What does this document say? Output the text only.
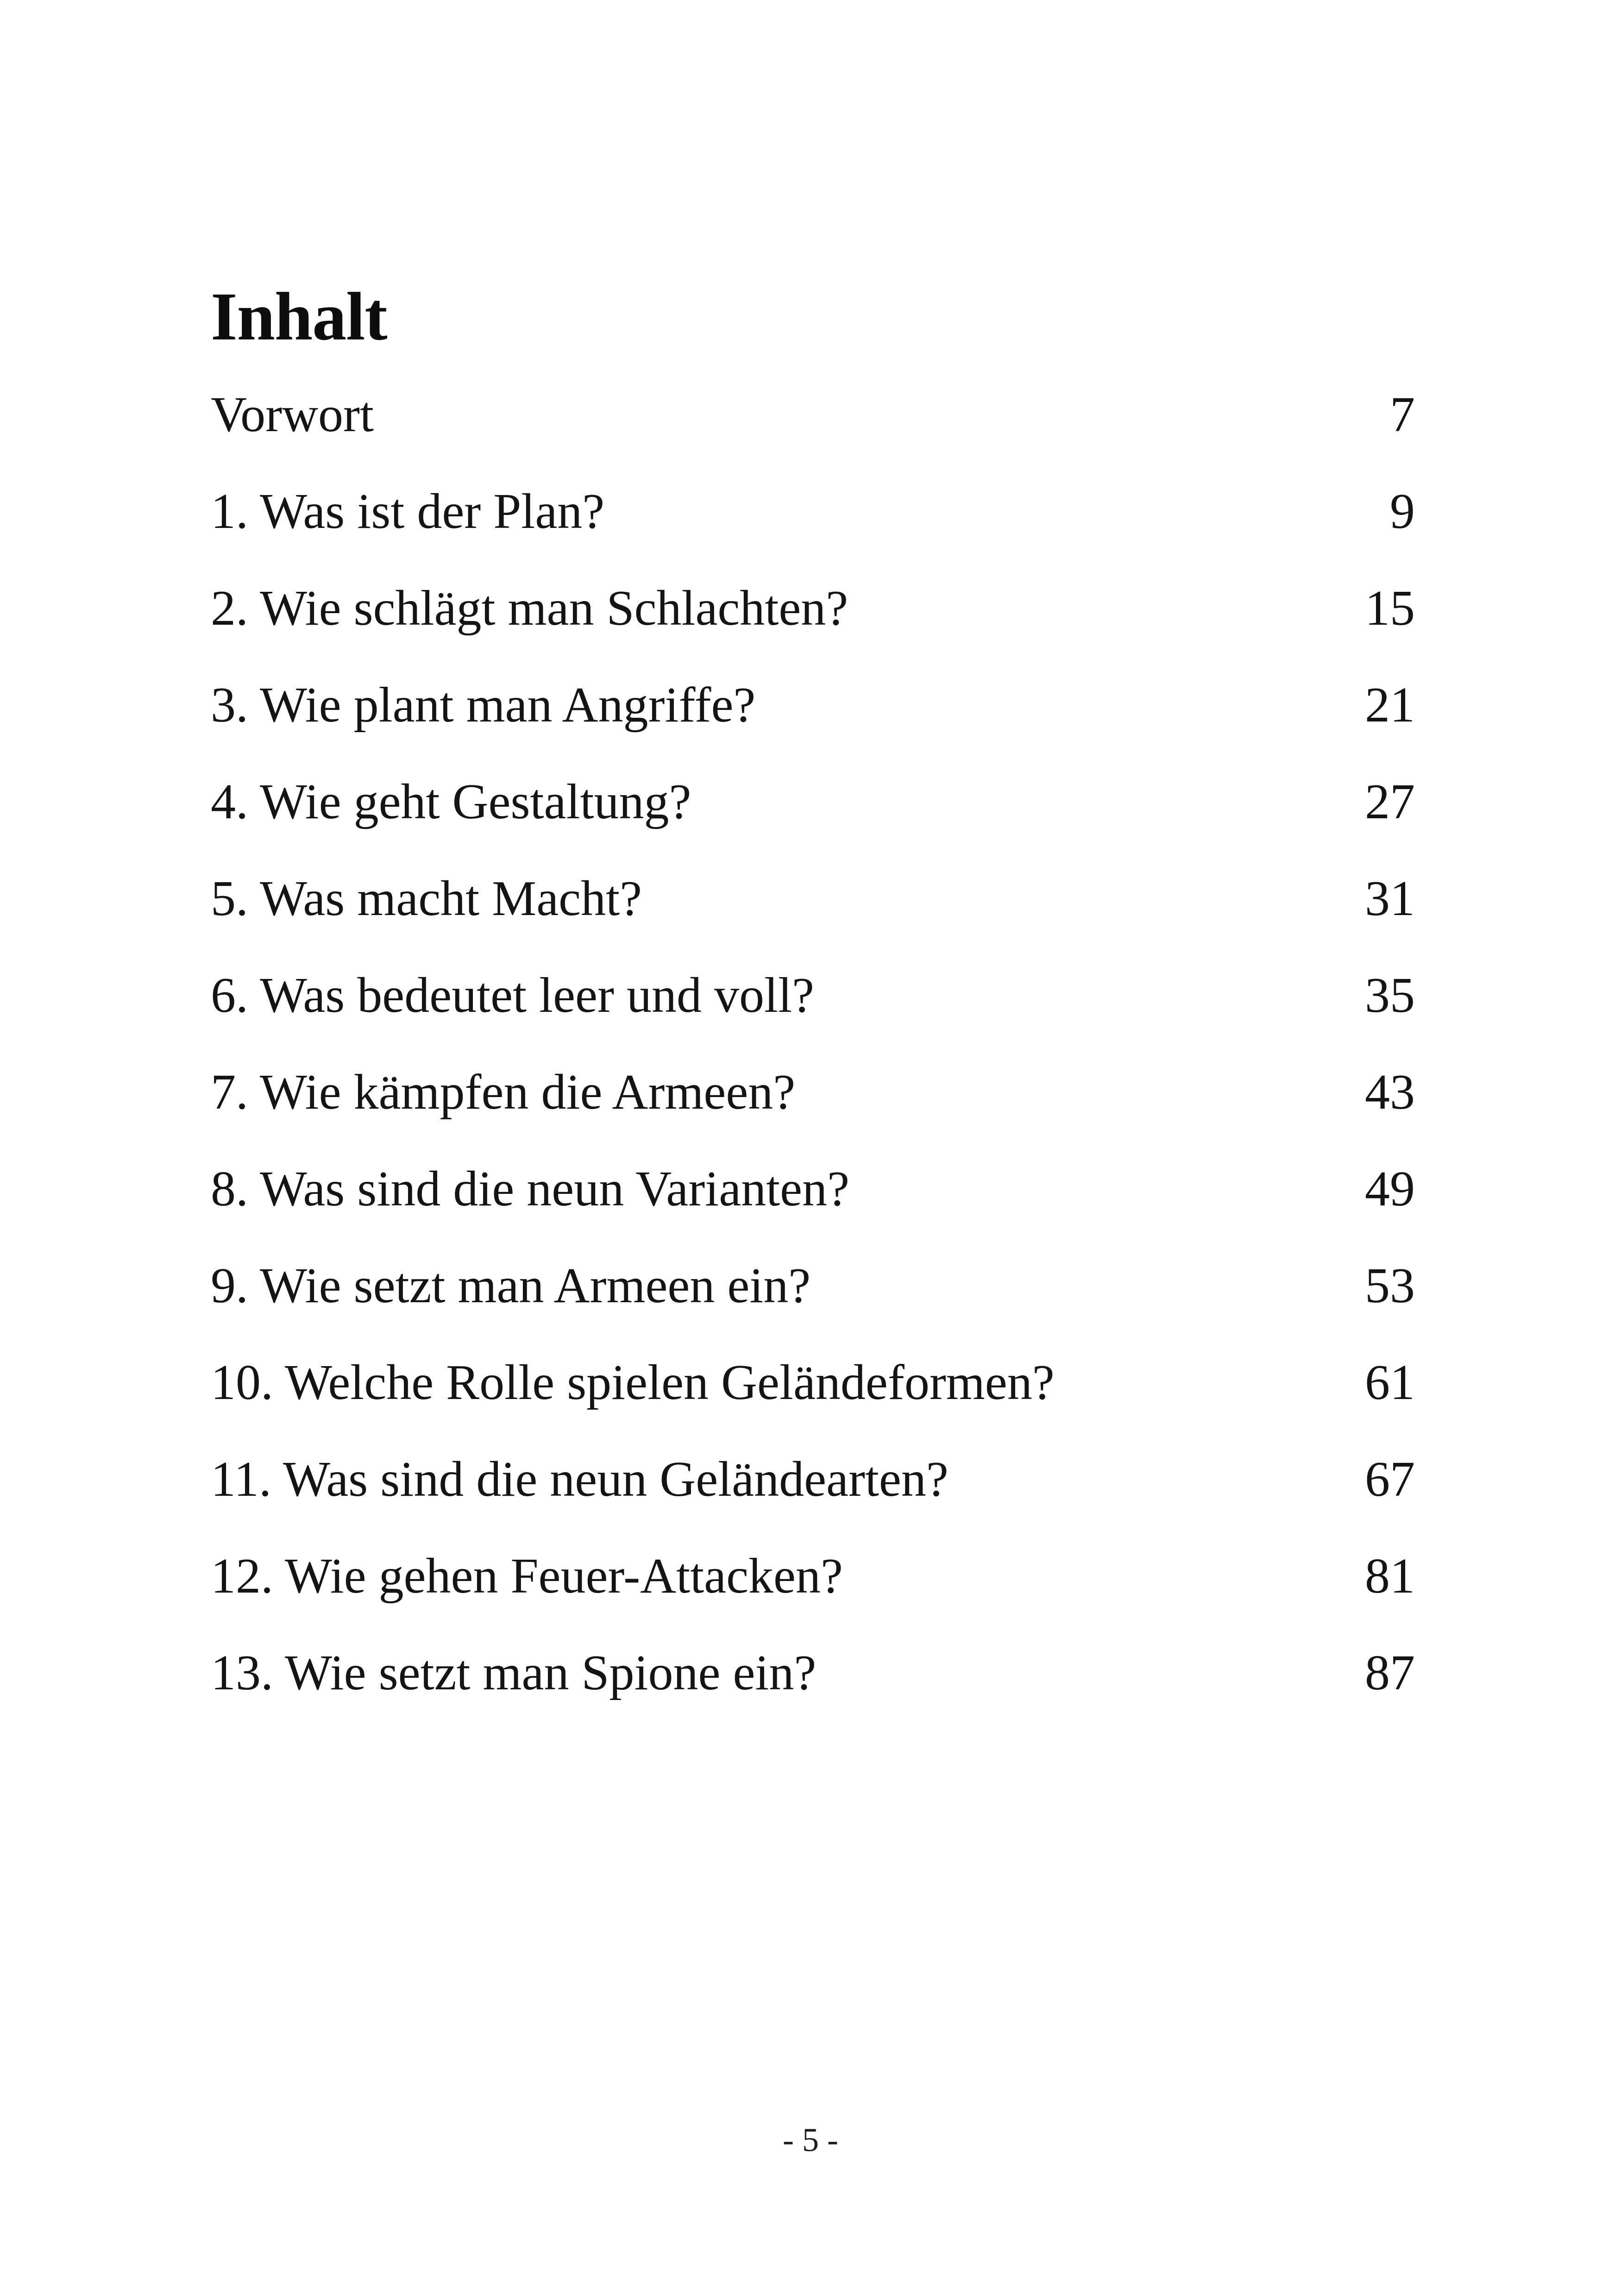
Inhalt
Vorwort	7
1. Was ist der Plan?	9
2. Wie schlägt man Schlachten?	15
3. Wie plant man Angriffe?	21
4. Wie geht Gestaltung?	27
5. Was macht Macht?	31
6. Was bedeutet leer und voll?	35
7. Wie kämpfen die Armeen?	43
8. Was sind die neun Varianten?	49
9. Wie setzt man Armeen ein?	53
10. Welche Rolle spielen Geländeformen?	61
11. Was sind die neun Geländearten?	67
12. Wie gehen Feuer-Attacken?	81
13. Wie setzt man Spione ein?	87
- 5 -
